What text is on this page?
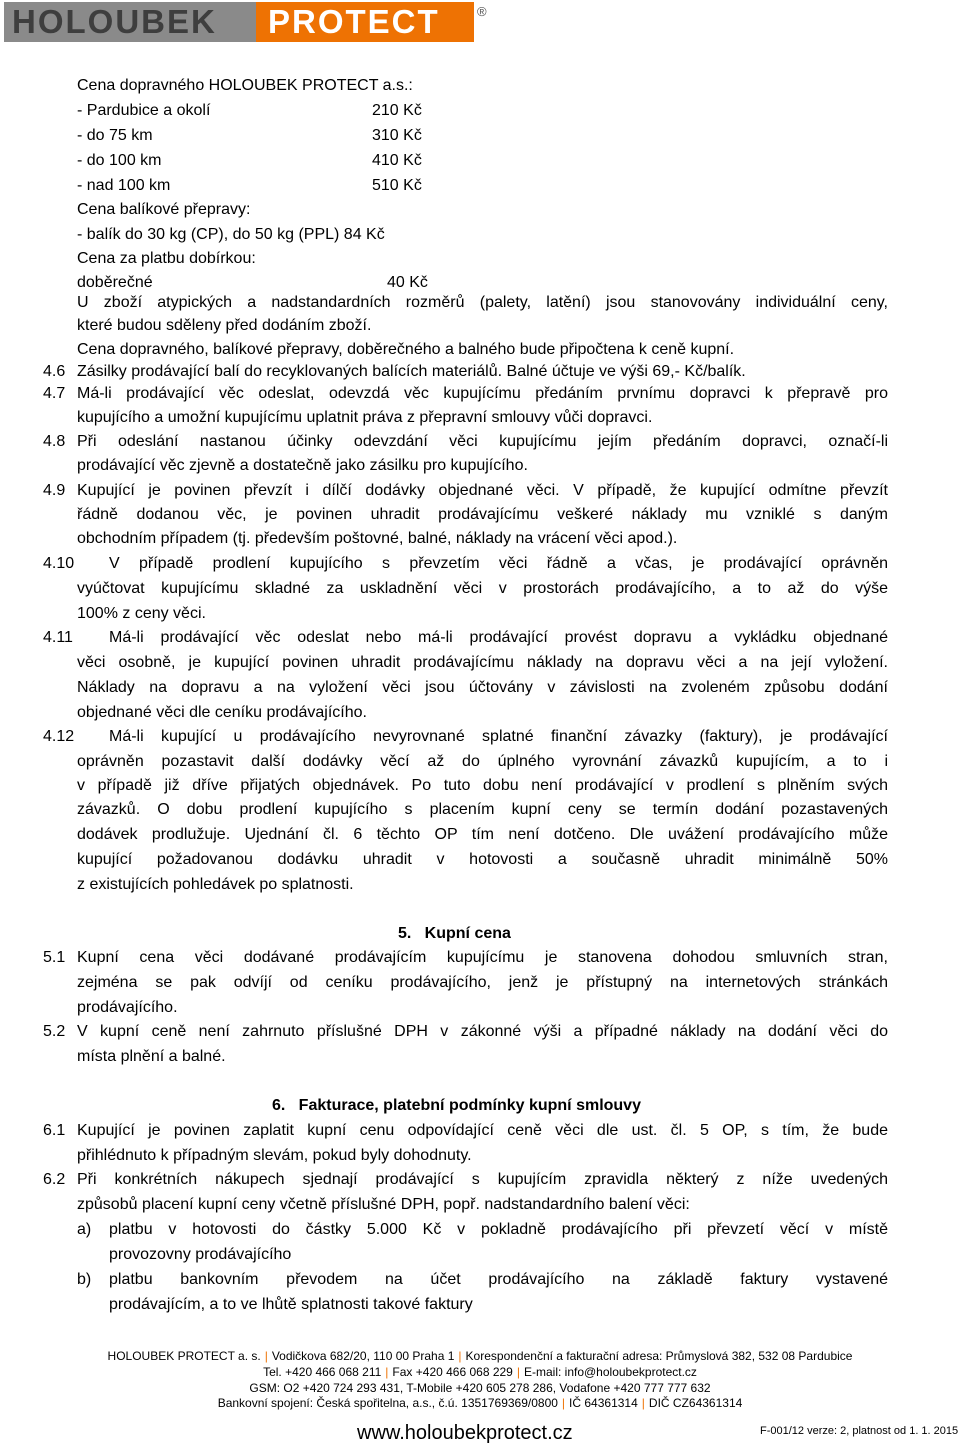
HOLOUBEK	PROTECT	®
Cena dopravného HOLOUBEK PROTECT a.s.:
- Pardubice a okolí	210 Kč
- do 75 km	310 Kč
- do 100 km	410 Kč
- nad 100 km	510 Kč
Cena balíkové přepravy:
- balík do 30 kg (CP), do 50 kg (PPL) 84 Kč
Cena za platbu dobírkou:
doběrečné	40 Kč
U zboží atypických a nadstandardních rozměrů (palety, latění) jsou stanovovány individuální ceny,
které budou sděleny před dodáním zboží.
Cena dopravného, balíkové přepravy, doběrečného a balného bude připočtena k ceně kupní.
4.6 Zásilky prodávající balí do recyklovaných balících materiálů. Balné účtuje ve výši 69,- Kč/balík.
4.7 Má-li prodávající věc odeslat, odevzdá věc kupujícímu předáním prvnímu dopravci k přepravě pro
kupujícího a umožní kupujícímu uplatnit práva z přepravní smlouvy vůči dopravci.
4.8 Při odeslání nastanou účinky odevzdání věci kupujícímu jejím předáním dopravci, označí-li
prodávající věc zjevně a dostatečně jako zásilku pro kupujícího.
4.9 Kupující je povinen převzít i dílčí dodávky objednané věci. V případě, že kupující odmítne převzít
řádně dodanou věc, je povinen uhradit prodávajícímu veškeré náklady mu vzniklé s daným
obchodním případem (tj. především poštovné, balné, náklady na vrácení věci apod.).
4.10 V případě prodlení kupujícího s převzetím věci řádně a včas, je prodávající oprávněn
vyúčtovat kupujícímu skladné za uskladnění věci v prostorách prodávajícího, a to až do výše
100% z ceny věci.
4.11 Má-li prodávající věc odeslat nebo má-li prodávající provést dopravu a vykládku objednané
věci osobně, je kupující povinen uhradit prodávajícímu náklady na dopravu věci a na její vyložení.
Náklady na dopravu a na vyložení věci jsou účtovány v závislosti na zvoleném způsobu dodání
objednané věci dle ceníku prodávajícího.
4.12 Má-li kupující u prodávajícího nevyrovnané splatné finanční závazky (faktury), je prodávající
oprávněn pozastavit další dodávky věcí až do úplného vyrovnání závazků kupujícím, a to i
v případě již dříve přijatých objednávek. Po tuto dobu není prodávající v prodlení s plněním svých
závazků. O dobu prodlení kupujícího s placením kupní ceny se termín dodání pozastavených
dodávek prodlužuje. Ujednání čl. 6 těchto OP tím není dotčeno. Dle uvážení prodávajícího může
kupující požadovanou dodávku uhradit v hotovosti a současně uhradit minimálně 50%
z existujících pohledávek po splatnosti.
5.   Kupní cena
5.1 Kupní cena věci dodávané prodávajícím kupujícímu je stanovena dohodou smluvních stran,
zejména se pak odvíjí od ceníku prodávajícího, jenž je přístupný na internetových stránkách
prodávajícího.
5.2 V kupní ceně není zahrnuto příslušné DPH v zákonné výši a případné náklady na dodání věci do
místa plnění a balné.
6.   Fakturace, platební podmínky kupní smlouvy
6.1 Kupující je povinen zaplatit kupní cenu odpovídající ceně věci dle ust. čl. 5 OP, s tím, že bude
přihlédnuto k případným slevám, pokud byly dohodnuty.
6.2 Při konkrétních nákupech sjednají prodávající s kupujícím zpravidla některý z níže uvedených
způsobů placení kupní ceny včetně příslušné DPH, popř. nadstandardního balení věci:
a) platbu v hotovosti do částky 5.000 Kč v pokladně prodávajícího při převzetí věcí v místě
provozovny prodávajícího
b) platbu bankovním převodem na účet prodávajícího na základě faktury vystavené
prodávajícím, a to ve lhůtě splatnosti takové faktury
HOLOUBEK PROTECT a. s. | Vodičkova 682/20, 110 00 Praha 1 | Korespondenční a fakturační adresa: Průmyslová 382, 532 08 Pardubice
Tel. +420 466 068 211 | Fax +420 466 068 229 | E-mail: info@holoubekprotect.cz
GSM: O2 +420 724 293 431, T-Mobile +420 605 278 286, Vodafone +420 777 777 632
Bankovní spojení: Česká spořitelna, a.s., č.ú. 1351769369/0800 | IČ 64361314 | DIČ CZ64361314
www.holoubekprotect.cz	F-001/12 verze: 2, platnost od 1. 1. 2015
